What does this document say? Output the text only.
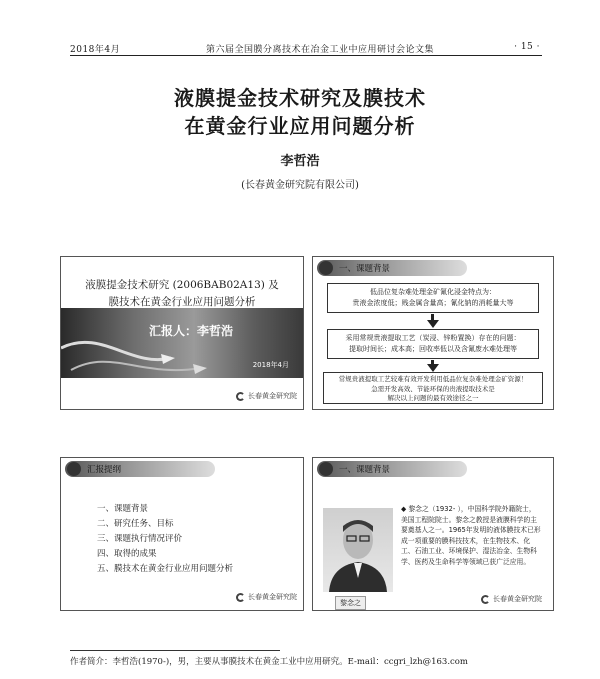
2018年4月	第六届全国膜分离技术在冶金工业中应用研讨会论文集	· 15 ·
液膜提金技术研究及膜技术
在黄金行业应用问题分析
李哲浩
(长春黄金研究院有限公司)
液膜提金技术研究 (2006BAB02A13) 及
膜技术在黄金行业应用问题分析
汇报人：李哲浩
2018年4月
长春黄金研究院
一、课题背景
低品位复杂难处理金矿氰化浸金特点为：
贵液金浓度低；贱金属含量高；氰化钠的消耗量大等
采用常规贵液提取工艺（炭浸、锌粉置换）存在的问题：
提取时间长；成本高；回收率低以及含氰废水难处理等
常规贵液提取工艺较难有效开发利用低品位复杂难处理金矿资源！
急需开发高效、节能环保的贵液提取技术是
解决以上问题的最有效途径之一
汇报提纲
一、课题背景
二、研究任务、目标
三、课题执行情况评价
四、取得的成果
五、膜技术在黄金行业应用问题分析
长春黄金研究院
一、课题背景
◆ 黎念之（1932- ），中国科学院外籍院士，美国工程院院士。黎念之教授是液膜科学的主要奠基人之一。1965年发明的液体膜技术已形成一项重要的膜科技技术，在生物技术、化工、石油工业、环境保护、湿法冶金、生物科学、医药及生命科学等领域已获广泛应用。
黎念之	长春黄金研究院
作者简介：李哲浩(1970-)，男，主要从事膜技术在黄金工业中应用研究。E-mail：ccgri_lzh@163.com
